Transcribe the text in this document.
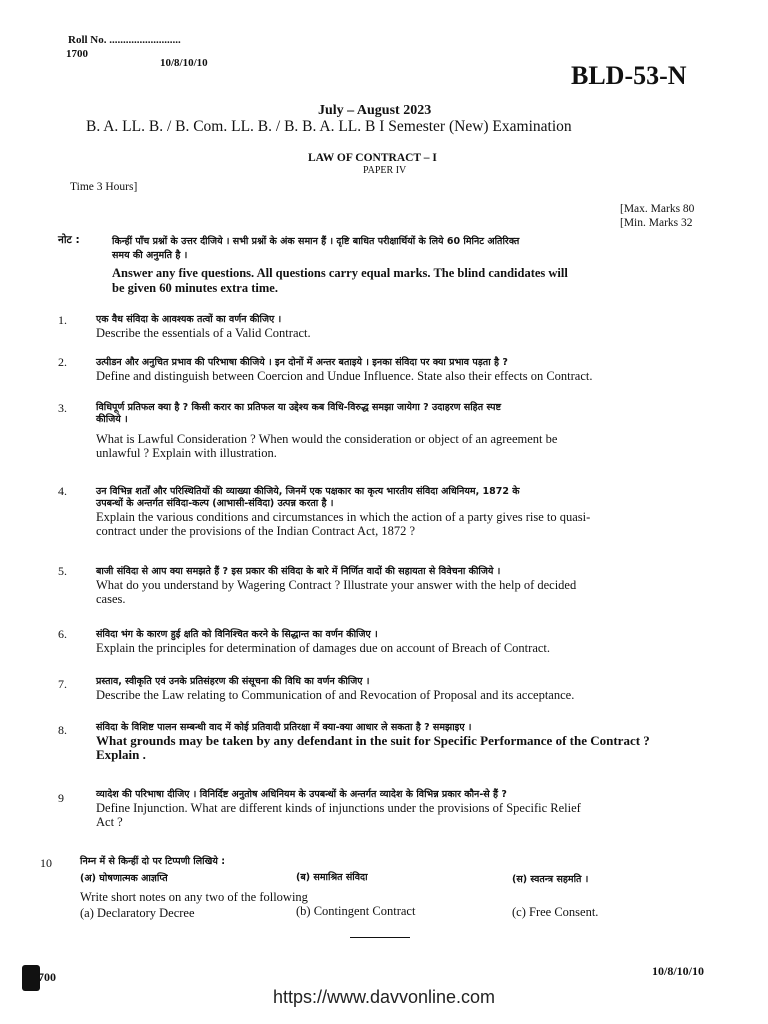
Roll No. ..........................
1700
10/8/10/10	BLD-53-N
July – August 2023
B. A. LL. B. / B. Com. LL. B. / B. B. A. LL. B I Semester (New) Examination
LAW OF CONTRACT – I
PAPER IV
Time 3 Hours]
[Max. Marks 80
[Min. Marks 32
नोट :	किन्हीं पाँच प्रश्नों के उत्तर दीजिये । सभी प्रश्नों के अंक समान हैं । दृष्टि बाधित परीक्षार्थियों के लिये 60 मिनिट अतिरिक्त
समय की अनुमति है ।
Answer any five questions. All questions carry equal marks. The blind candidates will
be given 60 minutes extra time.
1.	एक वैध संविदा के आवश्यक तत्वों का वर्णन कीजिए ।
Describe the essentials of a Valid Contract.
2.	उत्पीडन और अनुचित प्रभाव की परिभाषा कीजिये । इन दोनों में अन्तर बताइये । इनका संविदा पर क्या प्रभाव पड़ता है ?
Define and distinguish between Coercion and Undue Influence. State also their effects on Contract.
3.	विधिपूर्ण प्रतिफल क्या है ? किसी करार का प्रतिफल या उद्देश्य कब विधि-विरुद्ध समझा जायेगा ? उदाहरण सहित स्पष्ट
कीजिये ।
What is Lawful Consideration ? When would the consideration or object of an agreement be
unlawful ? Explain with illustration.
4.	उन विभिन्न शर्तों और परिस्थितियों की व्याख्या कीजिये, जिनमें एक पक्षकार का कृत्य भारतीय संविदा अधिनियम, 1872 के
उपबन्धों के अन्तर्गत संविदा-कल्प (आभासी-संविदा) उत्पन्न करता है ।
Explain the various conditions and circumstances in which the action of a party gives rise to quasi-
contract under the provisions of the Indian Contract Act, 1872 ?
5.	बाजी संविदा से आप क्या समझते हैं ? इस प्रकार की संविदा के बारे में निर्णित वादों की सहायता से विवेचना कीजिये ।
What do you understand by Wagering Contract ? Illustrate your answer with the help of decided
cases.
6.	संविदा भंग के कारण हुई क्षति को विनिश्चित करने के सिद्धान्त का वर्णन कीजिए ।
Explain the principles for determination of damages due on account of Breach of Contract.
7.	प्रस्ताव, स्वीकृति एवं उनके प्रतिसंहरण की संसूचना की विधि का वर्णन कीजिए ।
Describe the Law relating to Communication of and Revocation of Proposal and its acceptance.
8.	संविदा के विशिष्ट पालन सम्बन्धी वाद में कोई प्रतिवादी प्रतिरक्षा में क्या-क्या आधार ले सकता है ? समझाइए ।
What grounds may be taken by any defendant in the suit for Specific Performance of the Contract ?
Explain .
9	व्यादेश की परिभाषा दीजिए । विनिर्दिष्ट अनुतोष अधिनियम के उपबन्धों के अन्तर्गत व्यादेश के विभिन्न प्रकार कौन-से हैं ?
Define Injunction. What are different kinds of injunctions under the provisions of Specific Relief
Act ?
10	निम्न में से किन्हीं दो पर टिप्पणी लिखिये :
(अ) घोषणात्मक आज्ञप्ति	(ब) समाश्रित संविदा	(स) स्वतन्त्र सहमति ।
Write short notes on any two of the following
(a) Declaratory Decree	(b) Contingent Contract	(c) Free Consent.
700	10/8/10/10
https://www.davvonline.com
